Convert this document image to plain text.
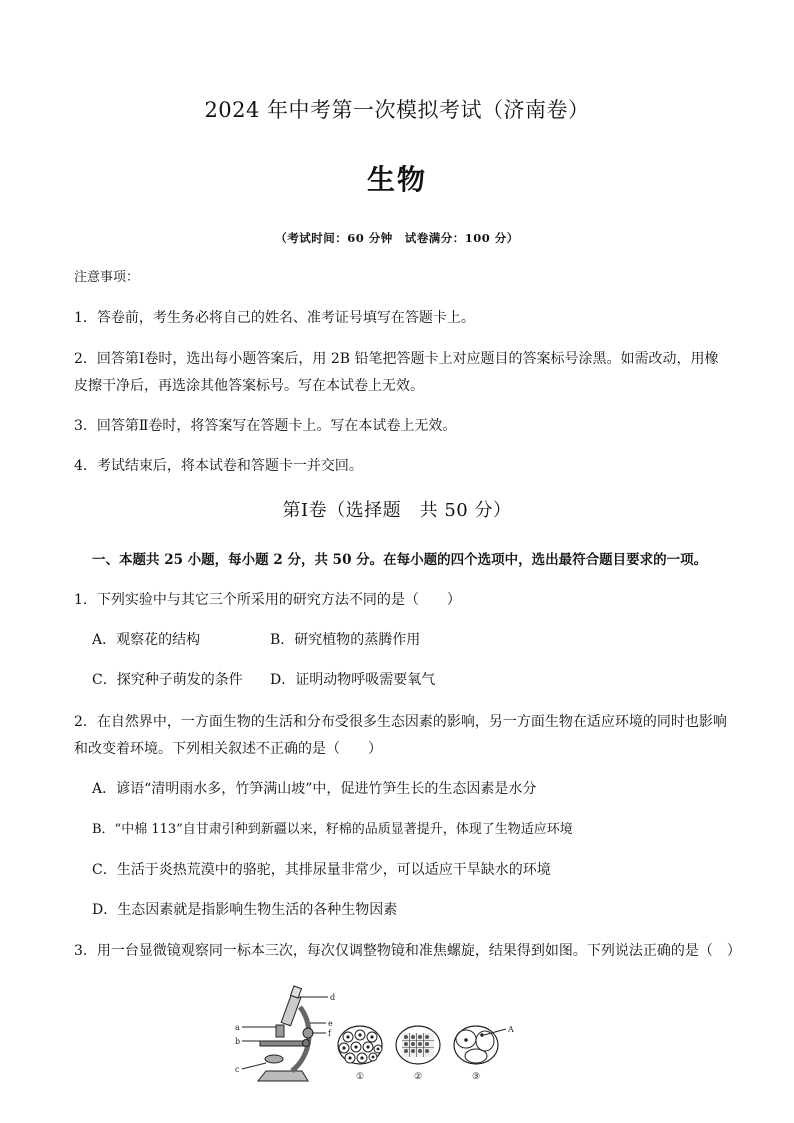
2024 年中考第一次模拟考试（济南卷）
生物
（考试时间：60 分钟　试卷满分：100 分）
注意事项：
1．答卷前，考生务必将自己的姓名、准考证号填写在答题卡上。
2．回答第Ⅰ卷时，选出每小题答案后，用 2B 铅笔把答题卡上对应题目的答案标号涂黑。如需改动，用橡
皮擦干净后，再选涂其他答案标号。写在本试卷上无效。
3．回答第Ⅱ卷时，将答案写在答题卡上。写在本试卷上无效。
4．考试结束后，将本试卷和答题卡一并交回。
第Ⅰ卷（选择题　共 50 分）
一、本题共 25 小题，每小题 2 分，共 50 分。在每小题的四个选项中，选出最符合题目要求的一项。
1．下列实验中与其它三个所采用的研究方法不同的是（　　）
A．观察花的结构	B．研究植物的蒸腾作用
C．探究种子萌发的条件 D．证明动物呼吸需要氧气
2．在自然界中，一方面生物的生活和分布受很多生态因素的影响，另一方面生物在适应环境的同时也影响
和改变着环境。下列相关叙述不正确的是（　　）
A．谚语“清明雨水多，竹笋满山坡”中，促进竹笋生长的生态因素是水分
B．“中棉 113”自甘肃引种到新疆以来，籽棉的品质显著提升，体现了生物适应环境
C．生活于炎热荒漠中的骆驼，其排尿量非常少，可以适应干旱缺水的环境
D．生态因素就是指影响生物生活的各种生物因素
3．用一台显微镜观察同一标本三次，每次仅调整物镜和准焦螺旋，结果得到如图。下列说法正确的是（　）
a
b
c
d
e
f
①	②
A
③
